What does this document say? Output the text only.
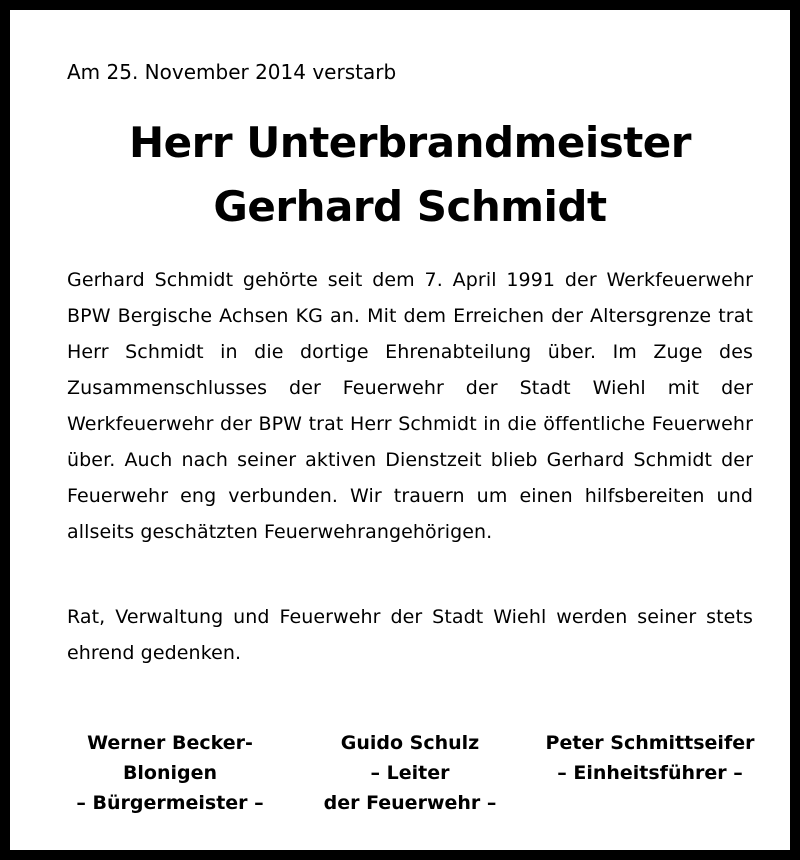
Am 25. November 2014 verstarb
Herr Unterbrandmeister
Gerhard Schmidt
Gerhard Schmidt gehörte seit dem 7. April 1991 der Werkfeuerwehr BPW Bergische Achsen KG an. Mit dem Erreichen der Altersgrenze trat Herr Schmidt in die dortige Ehrenabteilung über. Im Zuge des Zusammenschlusses der Feuerwehr der Stadt Wiehl mit der Werkfeuerwehr der BPW trat Herr Schmidt in die öffentliche Feuerwehr über. Auch nach seiner aktiven Dienstzeit blieb Gerhard Schmidt der Feuerwehr eng verbunden. Wir trauern um einen hilfsbereiten und allseits geschätzten Feuerwehrangehörigen.
Rat, Verwaltung und Feuerwehr der Stadt Wiehl werden seiner stets ehrend gedenken.
Werner Becker-
Blonigen
– Bürgermeister –
Guido Schulz
– Leiter
der Feuerwehr –
Peter Schmittseifer
– Einheitsführer –
